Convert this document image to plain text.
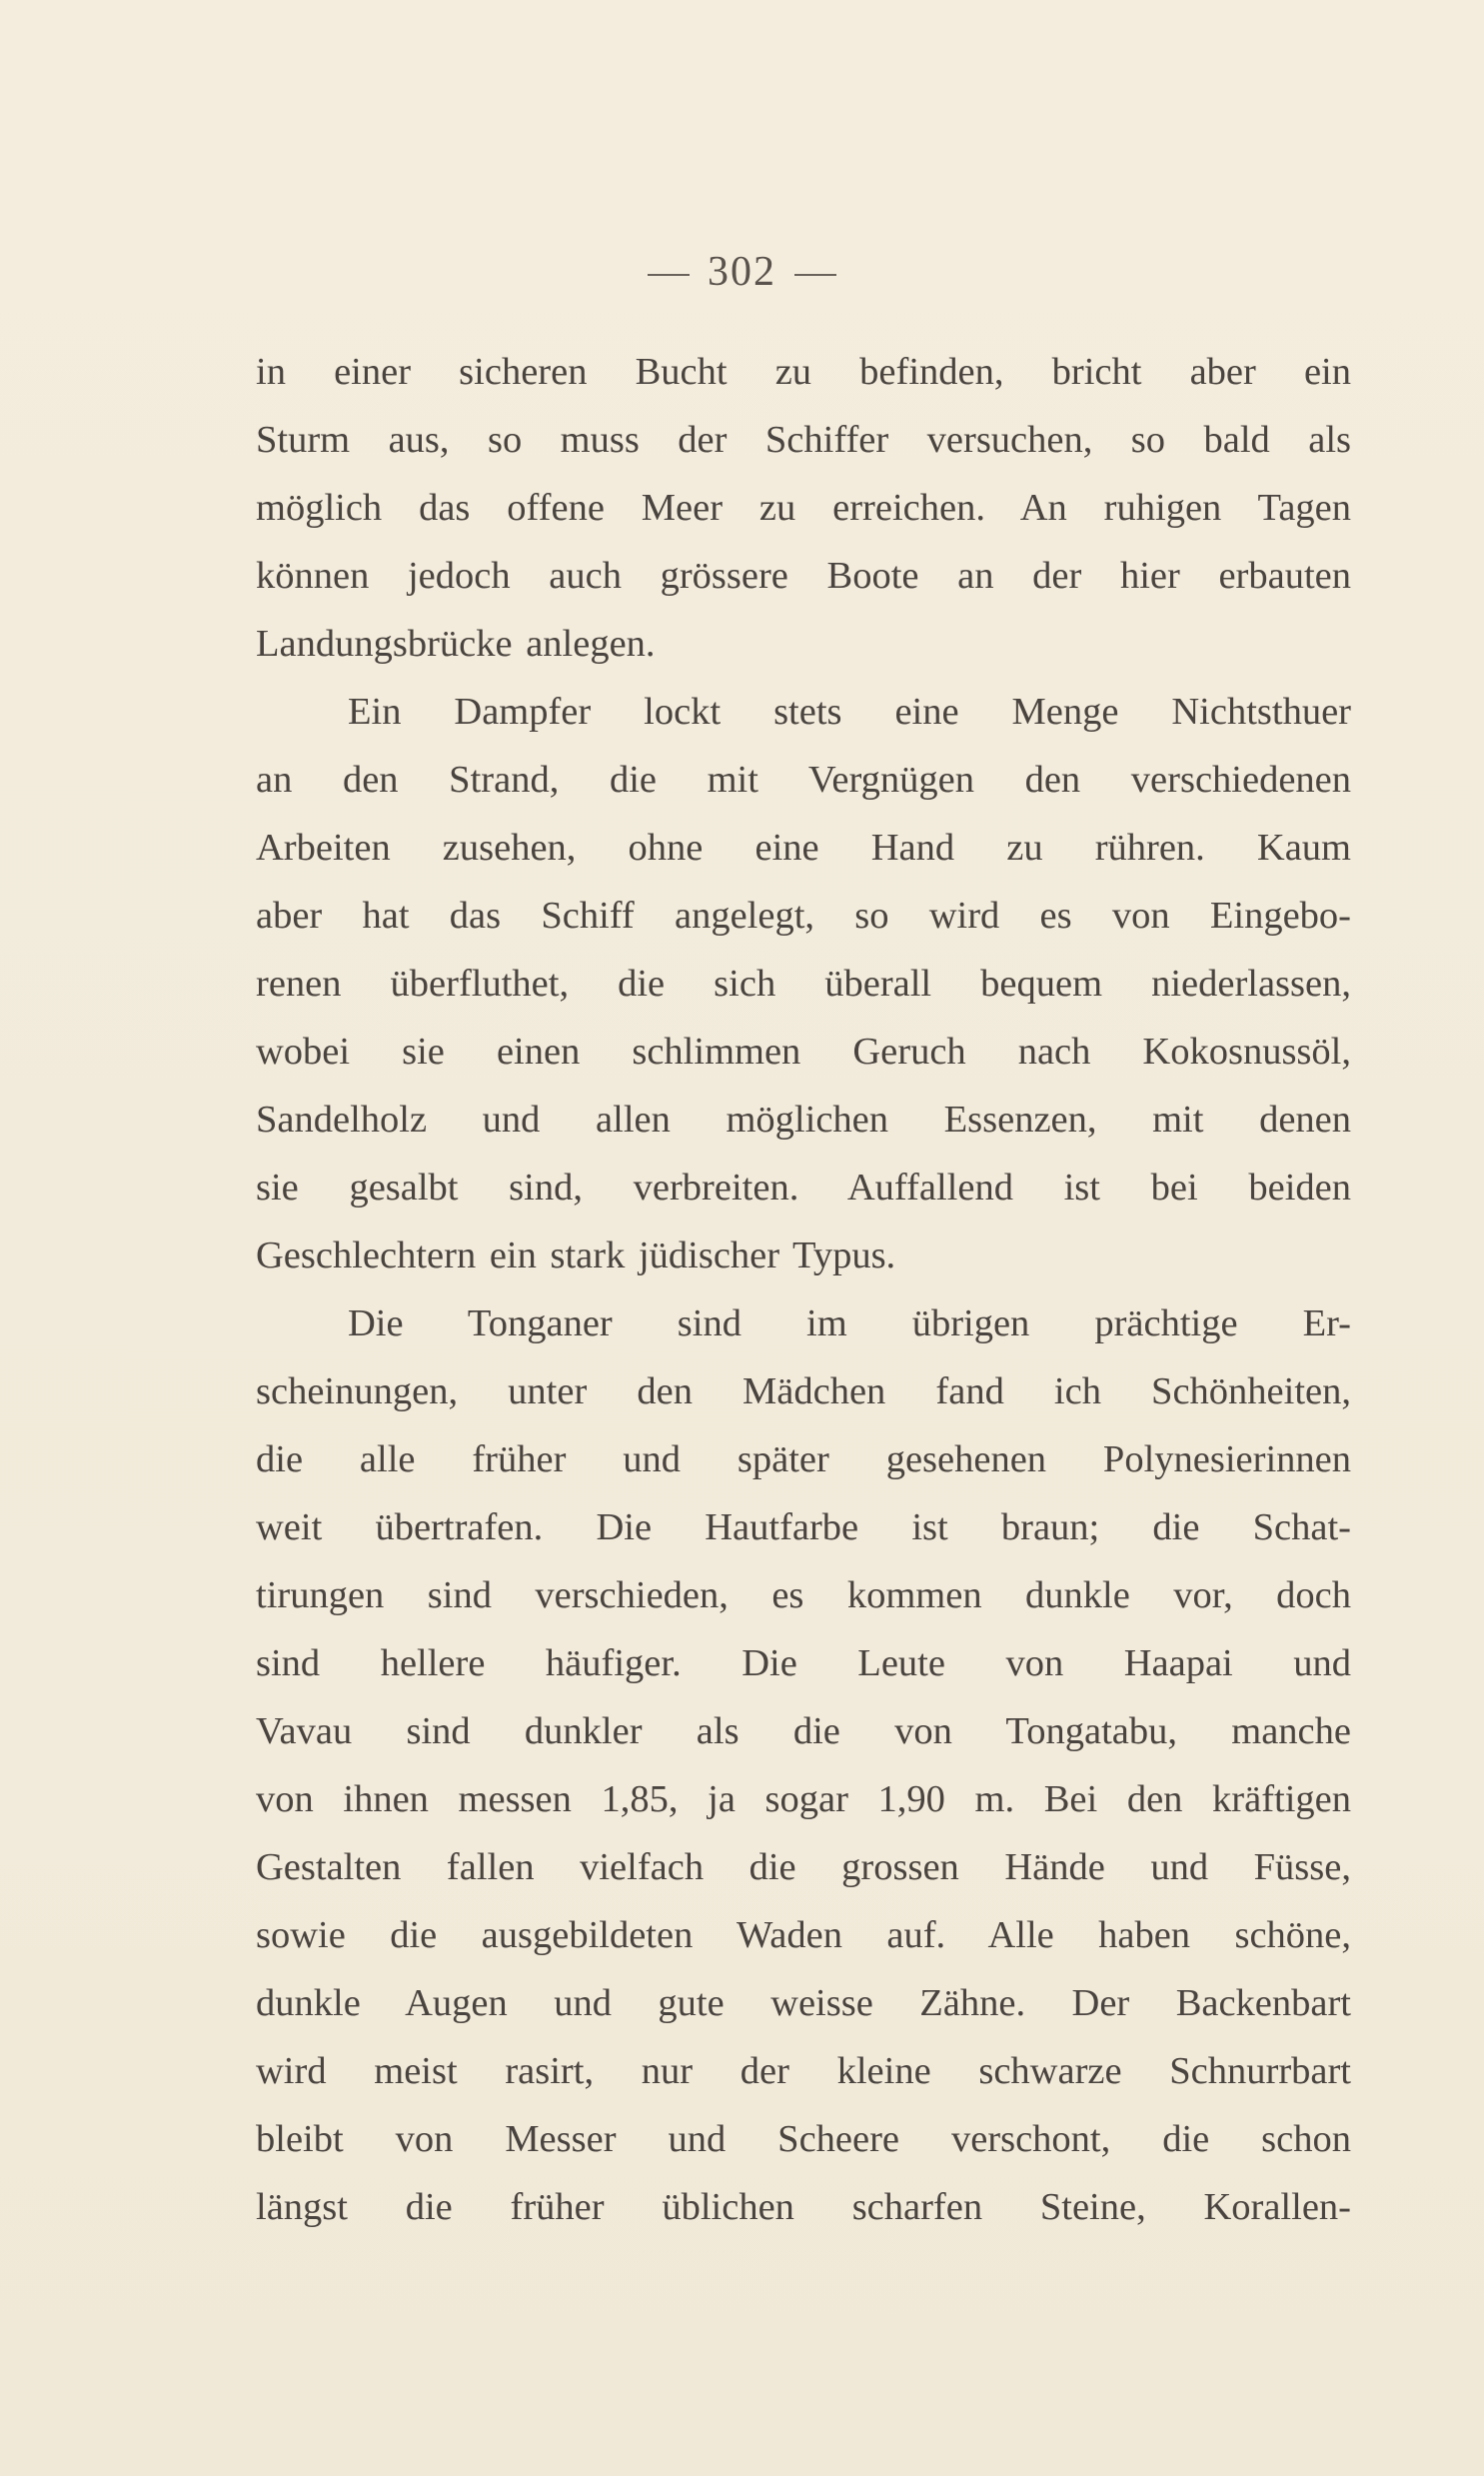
302
in einer sicheren Bucht zu befinden, bricht aber ein
Sturm aus, so muss der Schiffer versuchen, so bald als
möglich das offene Meer zu erreichen. An ruhigen Tagen
können jedoch auch grössere Boote an der hier erbauten
Landungsbrücke anlegen.
Ein Dampfer lockt stets eine Menge Nichtsthuer
an den Strand, die mit Vergnügen den verschiedenen
Arbeiten zusehen, ohne eine Hand zu rühren. Kaum
aber hat das Schiff angelegt, so wird es von Eingebo-
renen überfluthet, die sich überall bequem niederlassen,
wobei sie einen schlimmen Geruch nach Kokosnussöl,
Sandelholz und allen möglichen Essenzen, mit denen
sie gesalbt sind, verbreiten. Auffallend ist bei beiden
Geschlechtern ein stark jüdischer Typus.
Die Tonganer sind im übrigen prächtige Er-
scheinungen, unter den Mädchen fand ich Schönheiten,
die alle früher und später gesehenen Polynesierinnen
weit übertrafen. Die Hautfarbe ist braun; die Schat-
tirungen sind verschieden, es kommen dunkle vor, doch
sind hellere häufiger. Die Leute von Haapai und
Vavau sind dunkler als die von Tongatabu, manche
von ihnen messen 1,85, ja sogar 1,90 m. Bei den kräftigen
Gestalten fallen vielfach die grossen Hände und Füsse,
sowie die ausgebildeten Waden auf. Alle haben schöne,
dunkle Augen und gute weisse Zähne. Der Backenbart
wird meist rasirt, nur der kleine schwarze Schnurrbart
bleibt von Messer und Scheere verschont, die schon
längst die früher üblichen scharfen Steine, Korallen-
